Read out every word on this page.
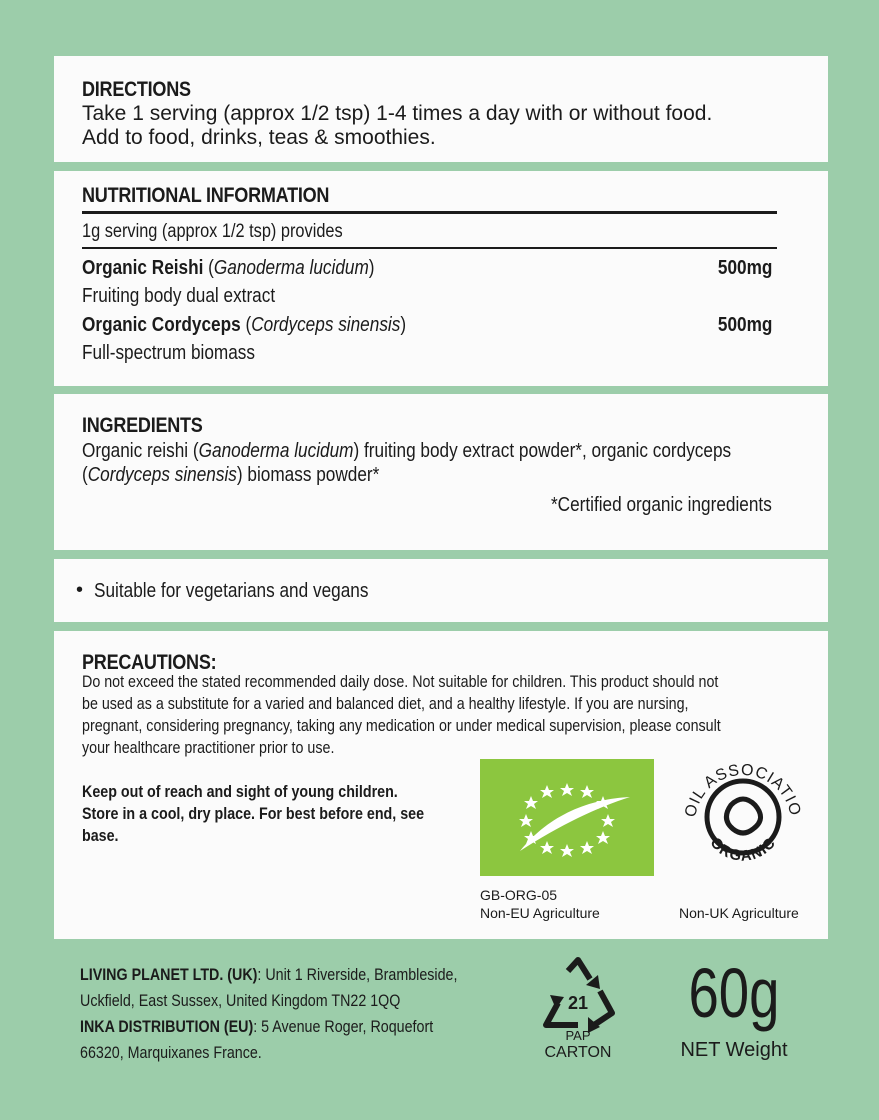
DIRECTIONS
Take 1 serving (approx 1/2 tsp) 1-4 times a day with or without food.
Add to food, drinks, teas & smoothies.
NUTRITIONAL INFORMATION
1g serving (approx 1/2 tsp) provides
Organic Reishi (Ganoderma lucidum)	500mg
Fruiting body dual extract
Organic Cordyceps (Cordyceps sinensis)	500mg
Full-spectrum biomass
INGREDIENTS
Organic reishi (Ganoderma lucidum) fruiting body extract powder*, organic cordyceps
(Cordyceps sinensis) biomass powder*
*Certified organic ingredients
• Suitable for vegetarians and vegans
PRECAUTIONS:
Do not exceed the stated recommended daily dose. Not suitable for children. This product should not
be used as a substitute for a varied and balanced diet, and a healthy lifestyle. If you are nursing,
pregnant, considering pregnancy, taking any medication or under medical supervision, please consult
your healthcare practitioner prior to use.
Keep out of reach and sight of young children.
Store in a cool, dry place. For best before end, see
base.
GB-ORG-05
Non-EU Agriculture
OIL ASSOCIATIO
ORGANIC
Non-UK Agriculture
LIVING PLANET LTD. (UK): Unit 1 Riverside, Brambleside,
Uckfield, East Sussex, United Kingdom TN22 1QQ
INKA DISTRIBUTION (EU): 5 Avenue Roger, Roquefort
66320, Marquixanes France.
21
PAP
CARTON
60g
NET Weight
